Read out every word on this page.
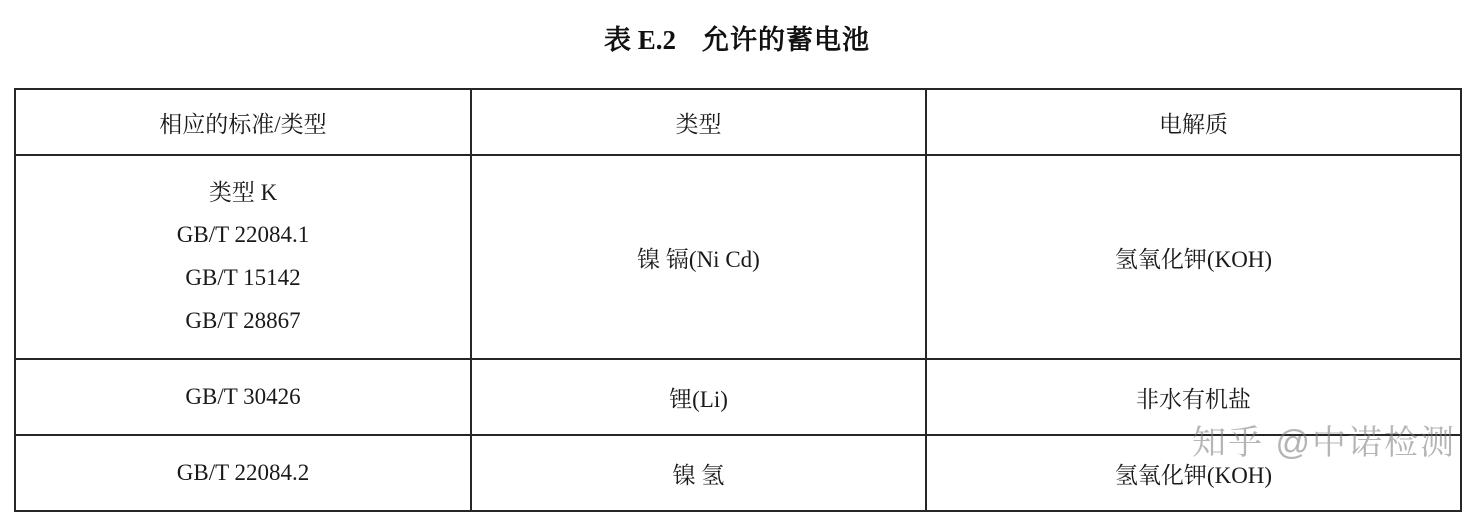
表 E.2 允许的蓄电池
相应的标准/类型	类型	电解质

类型 K
GB/T 22084.1
GB/T 15142
GB/T 28867	镍 镉(Ni Cd)	氢氧化钾(KOH)
GB/T 30426	锂(Li)	非水有机盐
GB/T 22084.2	镍 氢	氢氧化钾(KOH)
知乎 @中诺检测
